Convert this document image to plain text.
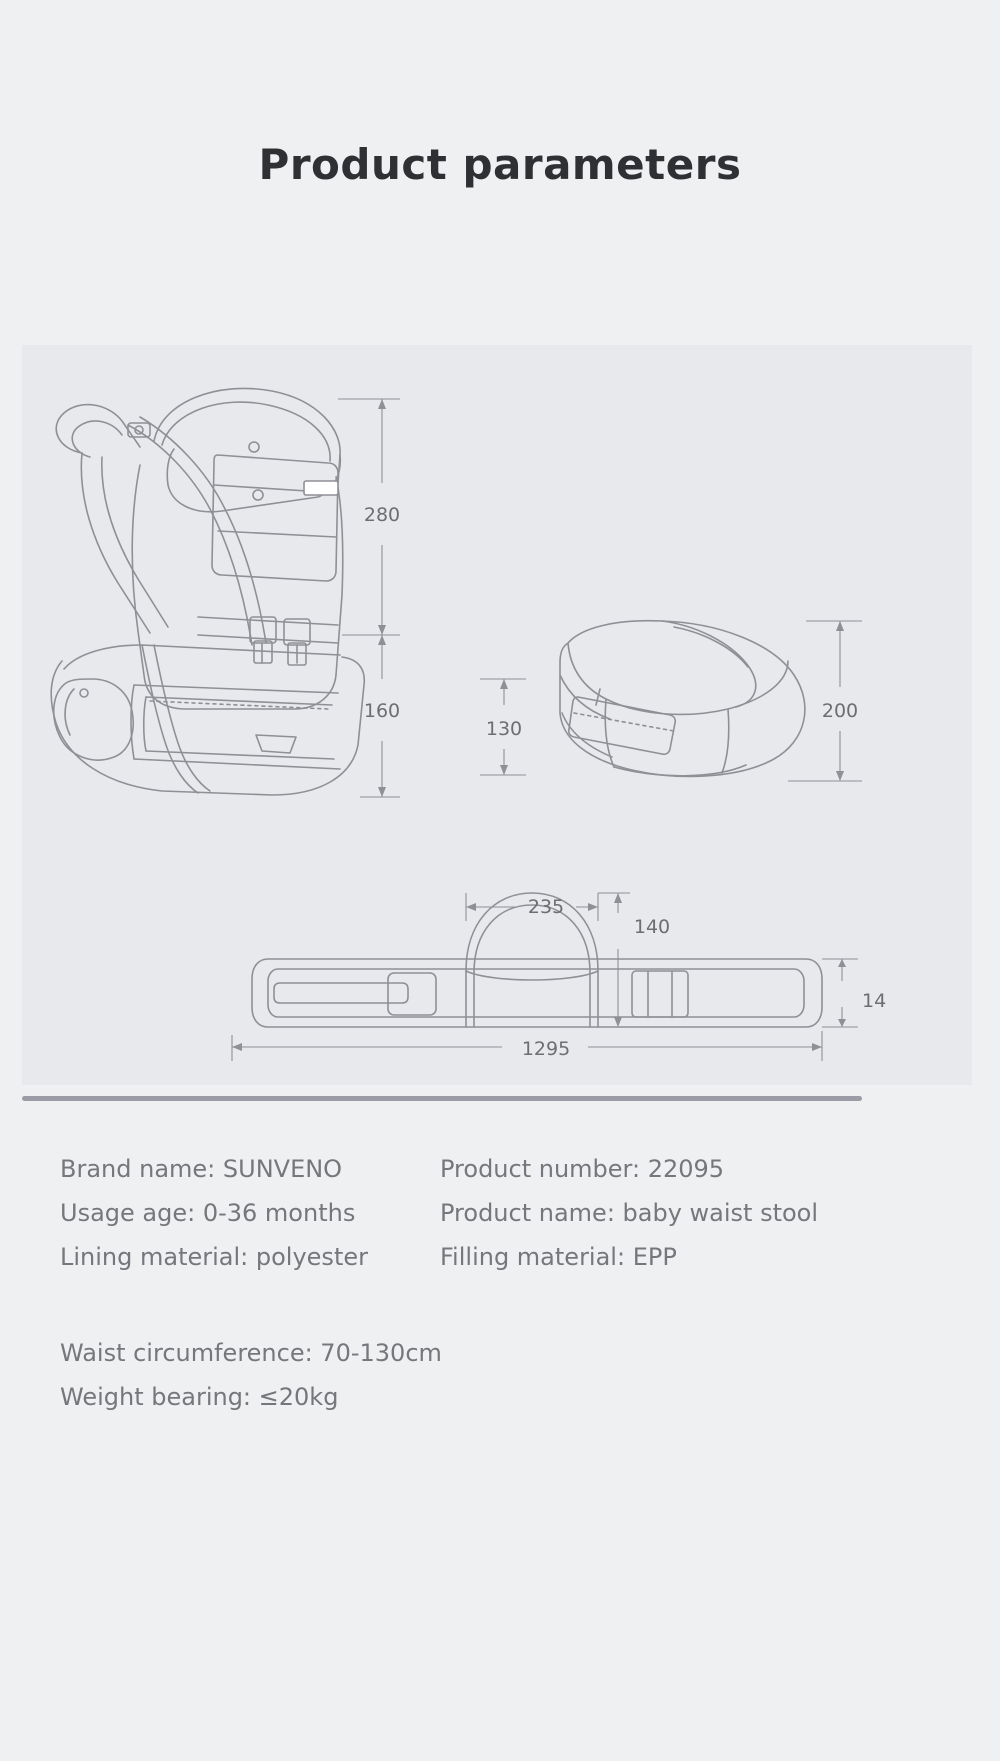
Product parameters
280
160
130
200
235
140
14
1295
Brand name: SUNVENO	Product number: 22095
Usage age: 0-36 months	Product name: baby waist stool
Lining material: polyester	Filling material: EPP
Waist circumference: 70-130cm
Weight bearing: ≤20kg
